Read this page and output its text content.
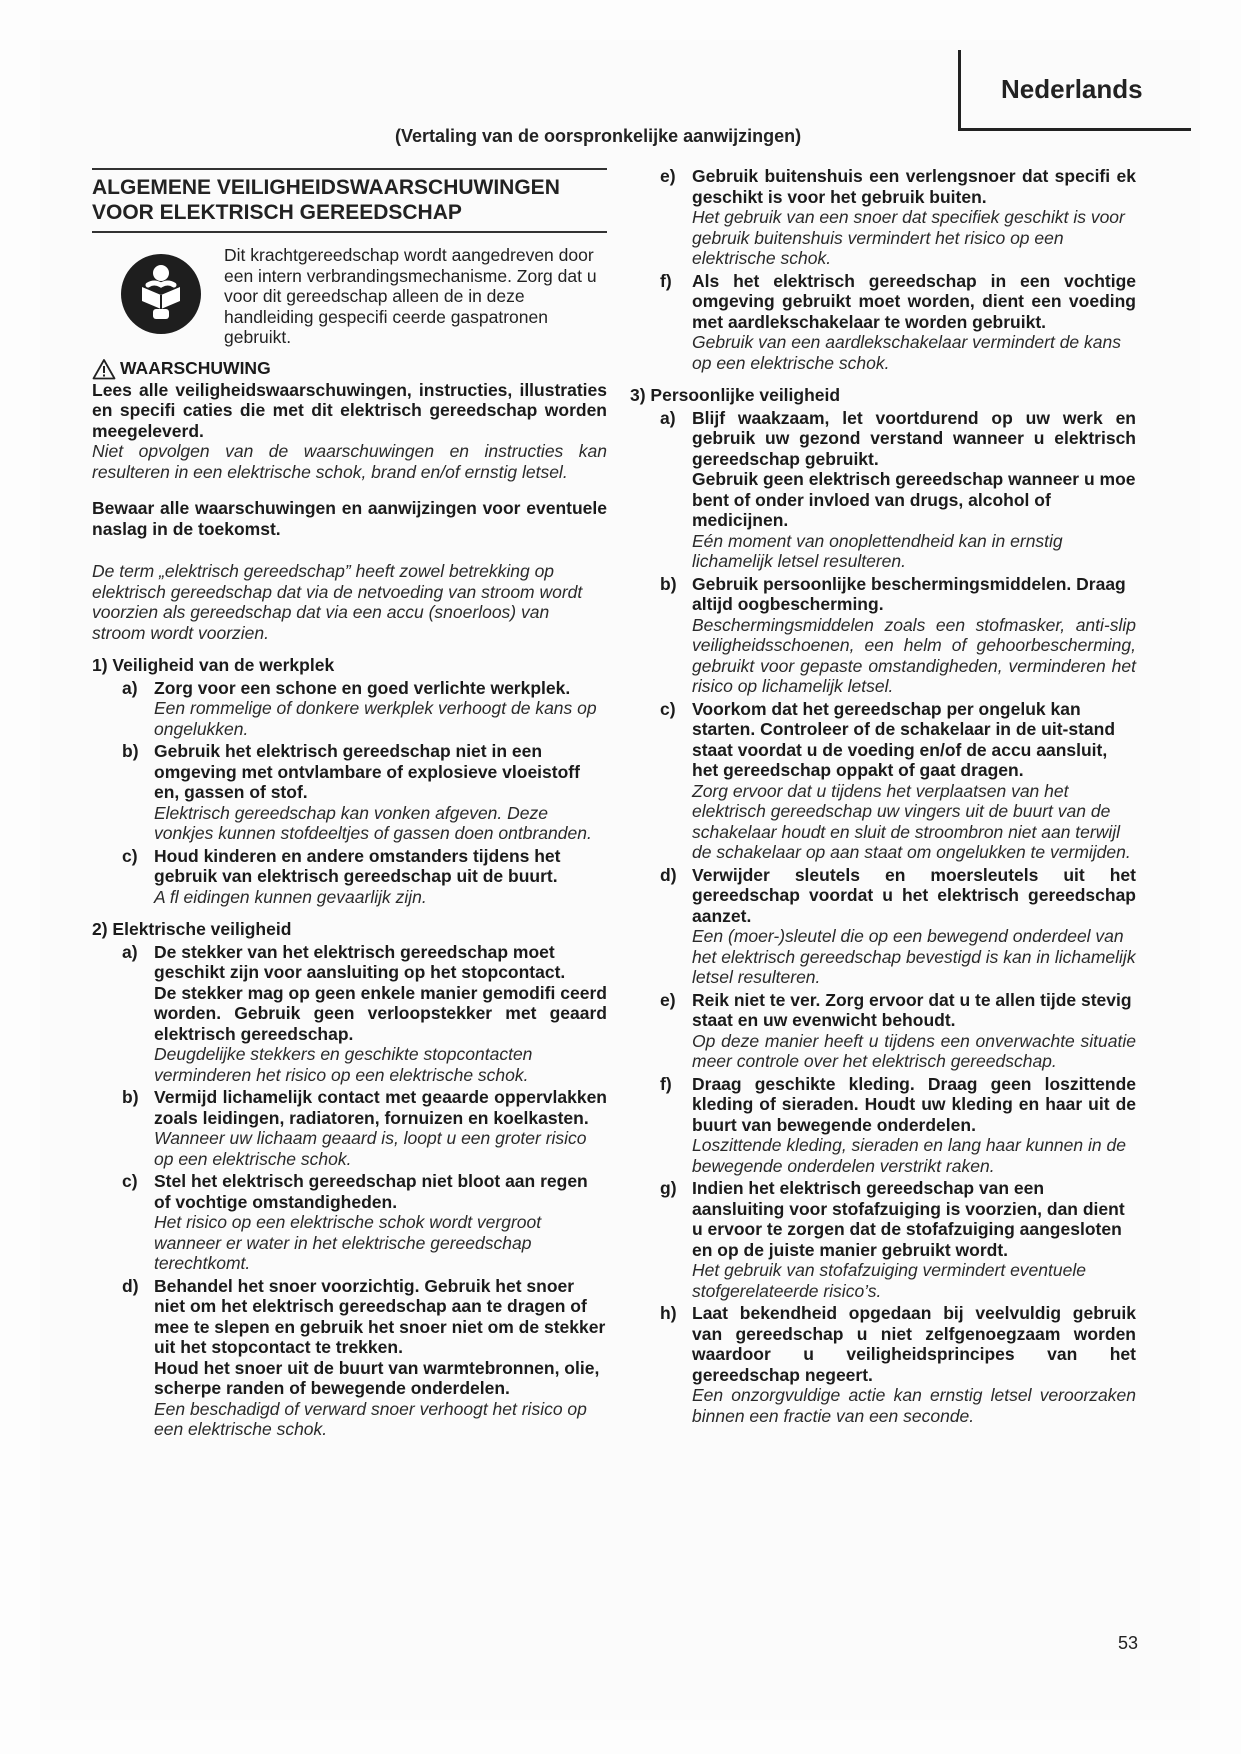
Nederlands
(Vertaling van de oorspronkelijke aanwijzingen)
ALGEMENE VEILIGHEIDSWAARSCHUWINGEN
VOOR ELEKTRISCH GEREEDSCHAP
Dit krachtgereedschap wordt aangedreven door een intern verbrandingsmechanisme. Zorg dat u voor dit gereedschap alleen de in deze handleiding gespecifi ceerde gaspatronen gebruikt.
WAARSCHUWING

Lees alle veiligheidswaarschuwingen, instructies, illustraties en specifi caties die met dit elektrisch gereedschap worden meegeleverd.

Niet opvolgen van de waarschuwingen en instructies kan resulteren in een elektrische schok, brand en/of ernstig letsel.

Bewaar alle waarschuwingen en aanwijzingen voor eventuele naslag in de toekomst.

De term „elektrisch gereedschap” heeft zowel betrekking op elektrisch gereedschap dat via de netvoeding van stroom wordt voorzien als gereedschap dat via een accu (snoerloos) van stroom wordt voorzien.

1) Veiligheid van de werkplek
a) Zorg voor een schone en goed verlichte werkplek.

Een rommelige of donkere werkplek verhoogt de kans op ongelukken.

b) Gebruik het elektrisch gereedschap niet in een omgeving met ontvlambare of explosieve vloeistoff en, gassen of stof.

Elektrisch gereedschap kan vonken afgeven. Deze vonkjes kunnen stofdeeltjes of gassen doen ontbranden.

c) Houd kinderen en andere omstanders tijdens het gebruik van elektrisch gereedschap uit de buurt.

A fl eidingen kunnen gevaarlijk zijn.

2) Elektrische veiligheid
a) De stekker van het elektrisch gereedschap moet geschikt zijn voor aansluiting op het stopcontact.

De stekker mag op geen enkele manier gemodifi ceerd worden. Gebruik geen verloopstekker met geaard elektrisch gereedschap.

Deugdelijke stekkers en geschikte stopcontacten verminderen het risico op een elektrische schok.

b) Vermijd lichamelijk contact met geaarde oppervlakken zoals leidingen, radiatoren, fornuizen en koelkasten.

Wanneer uw lichaam geaard is, loopt u een groter risico op een elektrische schok.

c) Stel het elektrisch gereedschap niet bloot aan regen of vochtige omstandigheden.

Het risico op een elektrische schok wordt vergroot wanneer er water in het elektrische gereedschap terechtkomt.

d) Behandel het snoer voorzichtig. Gebruik het snoer niet om het elektrisch gereedschap aan te dragen of mee te slepen en gebruik het snoer niet om de stekker uit het stopcontact te trekken.

Houd het snoer uit de buurt van warmtebronnen, olie, scherpe randen of bewegende onderdelen.

Een beschadigd of verward snoer verhoogt het risico op een elektrische schok.

e) Gebruik buitenshuis een verlengsnoer dat specifi ek geschikt is voor het gebruik buiten.

Het gebruik van een snoer dat specifiek geschikt is voor gebruik buitenshuis vermindert het risico op een elektrische schok.

f)	Als het elektrisch gereedschap in een vochtige omgeving gebruikt moet worden, dient een voeding met aardlekschakelaar te worden gebruikt.

Gebruik van een aardlekschakelaar vermindert de kans op een elektrische schok.

3) Persoonlijke veiligheid
a) Blijf waakzaam, let voortdurend op uw werk en gebruik uw gezond verstand wanneer u elektrisch gereedschap gebruikt.

Gebruik geen elektrisch gereedschap wanneer u moe bent of onder invloed van drugs, alcohol of medicijnen.

Eén moment van onoplettendheid kan in ernstig lichamelijk letsel resulteren.

b) Gebruik persoonlijke beschermingsmiddelen. Draag altijd oogbescherming.

Beschermingsmiddelen zoals een stofmasker, anti-slip veiligheidsschoenen, een helm of gehoorbescherming, gebruikt voor gepaste omstandigheden, verminderen het risico op lichamelijk letsel.

c) Voorkom dat het gereedschap per ongeluk kan starten. Controleer of de schakelaar in de uit-stand staat voordat u de voeding en/of de accu aansluit, het gereedschap oppakt of gaat dragen.

Zorg ervoor dat u tijdens het verplaatsen van het elektrisch gereedschap uw vingers uit de buurt van de schakelaar houdt en sluit de stroombron niet aan terwijl de schakelaar op aan staat om ongelukken te vermijden.

d) Verwijder sleutels en moersleutels uit het gereedschap voordat u het elektrisch gereedschap aanzet.

Een (moer-)sleutel die op een bewegend onderdeel van het elektrisch gereedschap bevestigd is kan in lichamelijk letsel resulteren.

e) Reik niet te ver. Zorg ervoor dat u te allen tijde stevig staat en uw evenwicht behoudt.

Op deze manier heeft u tijdens een onverwachte situatie meer controle over het elektrisch gereedschap.

f)	Draag geschikte kleding. Draag geen loszittende kleding of sieraden. Houdt uw kleding en haar uit de buurt van bewegende onderdelen.

Loszittende kleding, sieraden en lang haar kunnen in de bewegende onderdelen verstrikt raken.

g) Indien het elektrisch gereedschap van een aansluiting voor stofafzuiging is voorzien, dan dient u ervoor te zorgen dat de stofafzuiging aangesloten en op de juiste manier gebruikt wordt.

Het gebruik van stofafzuiging vermindert eventuele stofgerelateerde risico’s.

h) Laat bekendheid opgedaan bij veelvuldig gebruik van gereedschap u niet zelfgenoegzaam worden waardoor u veiligheidsprincipes van het gereedschap negeert.

Een onzorgvuldige actie kan ernstig letsel veroorzaken binnen een fractie van een seconde.

53
